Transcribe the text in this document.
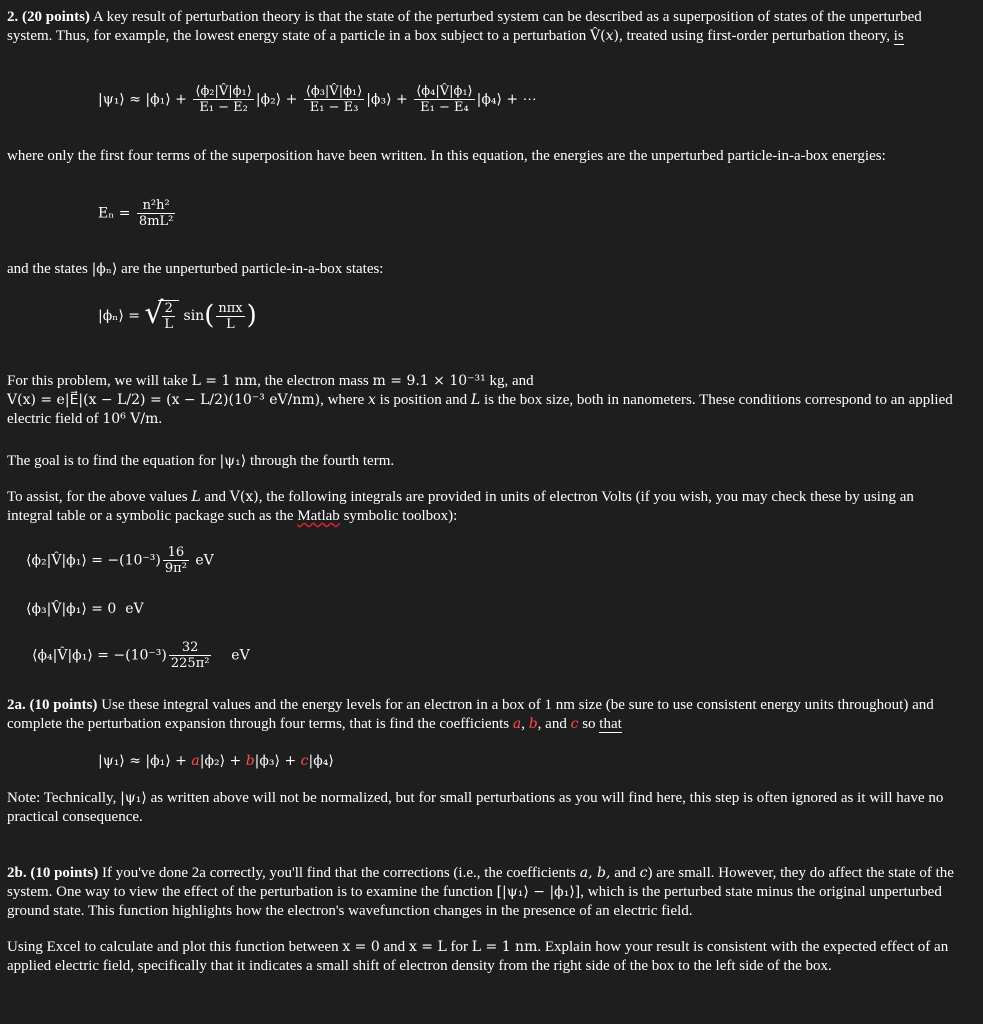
2. (20 points) A key result of perturbation theory is that the state of the perturbed system can be described as a superposition of states of the unperturbed system. Thus, for example, the lowest energy state of a particle in a box subject to a perturbation V̂(x), treated using first-order perturbation theory, is
|ψ₁⟩ ≈ |ϕ₁⟩ + $\frac{\text{⟨ϕ₂|V̂|ϕ₁⟩}}{\text{E₁ − E₂}}$ |ϕ₂⟩ + $\frac{\text{⟨ϕ₃|V̂|ϕ₁⟩}}{\text{E₁ − E₃}}$ |ϕ₃⟩ + $\frac{\text{⟨ϕ₄|V̂|ϕ₁⟩}}{\text{E₁ − E₄}}$ |ϕ₄⟩ + ⋯
where only the first four terms of the superposition have been written. In this equation, the energies are the unperturbed particle-in-a-box energies:
$E_n = \frac{\text{n²h²}}{\text{8mL²}}$
and the states |ϕₙ⟩ are the unperturbed particle-in-a-box states:
|ϕₙ⟩ = √
$\frac{2}{L} \sin( \frac{\text{nπx}}{L}$ )
For this problem, we will take L = 1 nm, the electron mass m = 9.1 × 10⁻³¹ kg, and
V(x) = e|E⃗|(x − L/2) = (x − L/2)(10⁻³ eV/nm), where x is position and L is the box size, both in nanometers. These conditions correspond to an applied electric field of 10⁶ V/m.
The goal is to find the equation for |ψ₁⟩ through the fourth term.
To assist, for the above values L and V(x), the following integrals are provided in units of electron Volts (if you wish, you may check these by using an integral table or a symbolic package such as the Matlab symbolic toolbox):
⟨ϕ₂|V̂|ϕ₁⟩ = $-(10^{-3}) \frac{16}{\text{9π²}}$ eV
⟨ϕ₃|V̂|ϕ₁⟩ = 0 eV
⟨ϕ₄|V̂|ϕ₁⟩ = $-(10^{-3}) \frac{32}{\text{225π²}}$ eV
2a. (10 points) Use these integral values and the energy levels for an electron in a box of 1 nm size (be sure to use consistent energy units throughout) and complete the perturbation expansion through four terms, that is find the coefficients a, b, and c so that
|ψ₁⟩ ≈ |ϕ₁⟩ + a|ϕ₂⟩ + b|ϕ₃⟩ + c|ϕ₄⟩
Note: Technically, |ψ₁⟩ as written above will not be normalized, but for small perturbations as you will find here, this step is often ignored as it will have no practical consequence.
2b. (10 points) If you've done 2a correctly, you'll find that the corrections (i.e., the coefficients a, b, and c) are small. However, they do affect the state of the system. One way to view the effect of the perturbation is to examine the function [|ψ₁⟩ − |ϕ₁⟩], which is the perturbed state minus the original unperturbed ground state. This function highlights how the electron's wavefunction changes in the presence of an electric field.
Using Excel to calculate and plot this function between x = 0 and x = L for L = 1 nm. Explain how your result is consistent with the expected effect of an applied electric field, specifically that it indicates a small shift of electron density from the right side of the box to the left side of the box.
